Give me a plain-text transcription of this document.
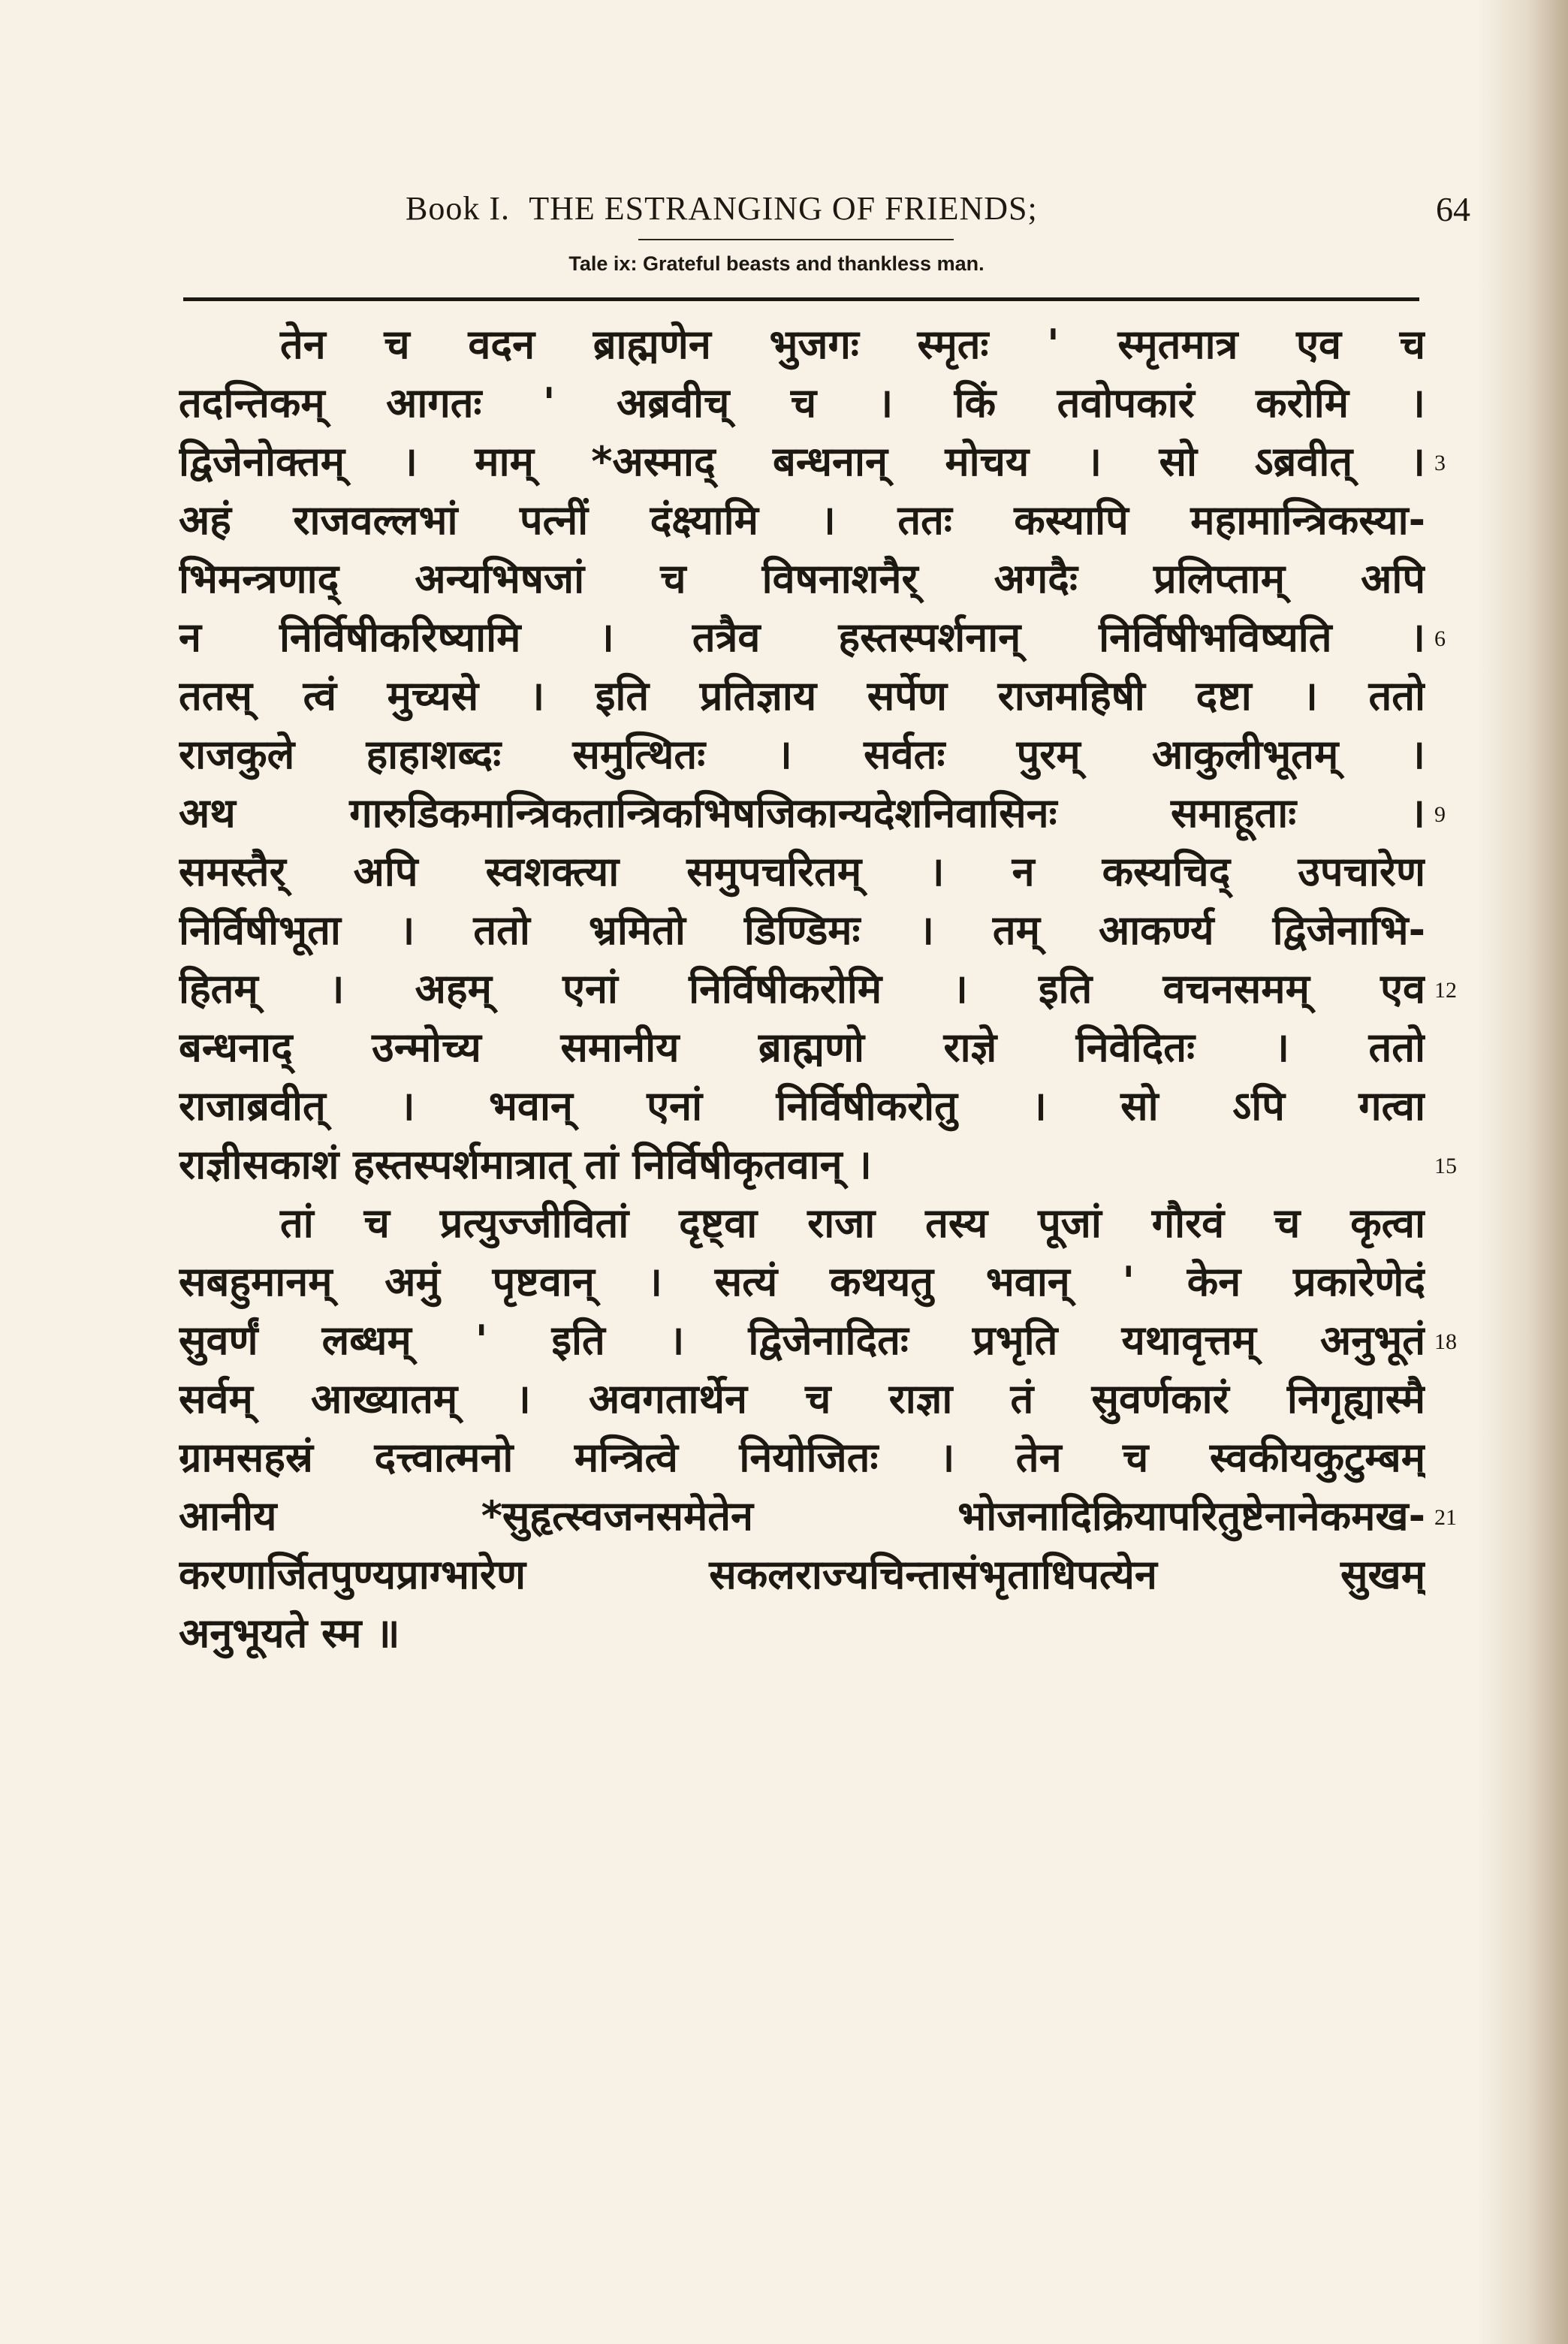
Book I. THE ESTRANGING OF FRIENDS;	64
Tale ix: Grateful beasts and thankless man.
तेन च वदन ब्राह्मणेन भुजगः स्मृतः ' स्मृतमात्र एव च
तदन्तिकम् आगतः ' अब्रवीच् च । किं तवोपकारं करोमि ।
द्विजेनोक्तम् । माम् *अस्माद् बन्धनान् मोचय । सो ऽब्रवीत् ।
अहं राजवल्लभां पत्नीं दंक्ष्यामि । ततः कस्यापि महामान्त्रिकस्या-
भिमन्त्रणाद् अन्यभिषजां च विषनाशनैर् अगदैः प्रलिप्ताम् अपि
न निर्विषीकरिष्यामि । तत्रैव हस्तस्पर्शनान् निर्विषीभविष्यति ।
ततस् त्वं मुच्यसे । इति प्रतिज्ञाय सर्पेण राजमहिषी दष्टा । ततो
राजकुले हाहाशब्दः समुत्थितः । सर्वतः पुरम् आकुलीभूतम् ।
अथ गारुडिकमान्त्रिकतान्त्रिकभिषजिकान्यदेशनिवासिनः समाहूताः ।
समस्तैर् अपि स्वशक्त्या समुपचरितम् । न कस्यचिद् उपचारेण
निर्विषीभूता । ततो भ्रमितो डिण्डिमः । तम् आकर्ण्य द्विजेनाभि-
हितम् । अहम् एनां निर्विषीकरोमि । इति वचनसमम् एव
बन्धनाद् उन्मोच्य समानीय ब्राह्मणो राज्ञे निवेदितः । ततो
राजाब्रवीत् । भवान् एनां निर्विषीकरोतु । सो ऽपि गत्वा
राज्ञीसकाशं हस्तस्पर्शमात्रात् तां निर्विषीकृतवान् ।
तां च प्रत्युज्जीवितां दृष्ट्वा राजा तस्य पूजां गौरवं च कृत्वा
सबहुमानम् अमुं पृष्टवान् । सत्यं कथयतु भवान् ' केन प्रकारेणेदं
सुवर्णं लब्धम् ' इति । द्विजेनादितः प्रभृति यथावृत्तम् अनुभूतं
सर्वम् आख्यातम् । अवगतार्थेन च राज्ञा तं सुवर्णकारं निगृह्यास्मै
ग्रामसहस्रं दत्त्वात्मनो मन्त्रित्वे नियोजितः । तेन च स्वकीयकुटुम्बम्
आनीय *सुहृत्स्वजनसमेतेन भोजनादिक्रियापरितुष्टेनानेकमख-
करणार्जितपुण्यप्राग्भारेण सकलराज्यचिन्तासंभृताधिपत्येन सुखम्
अनुभूयते स्म ॥
3
6
9
12
15
18
21
